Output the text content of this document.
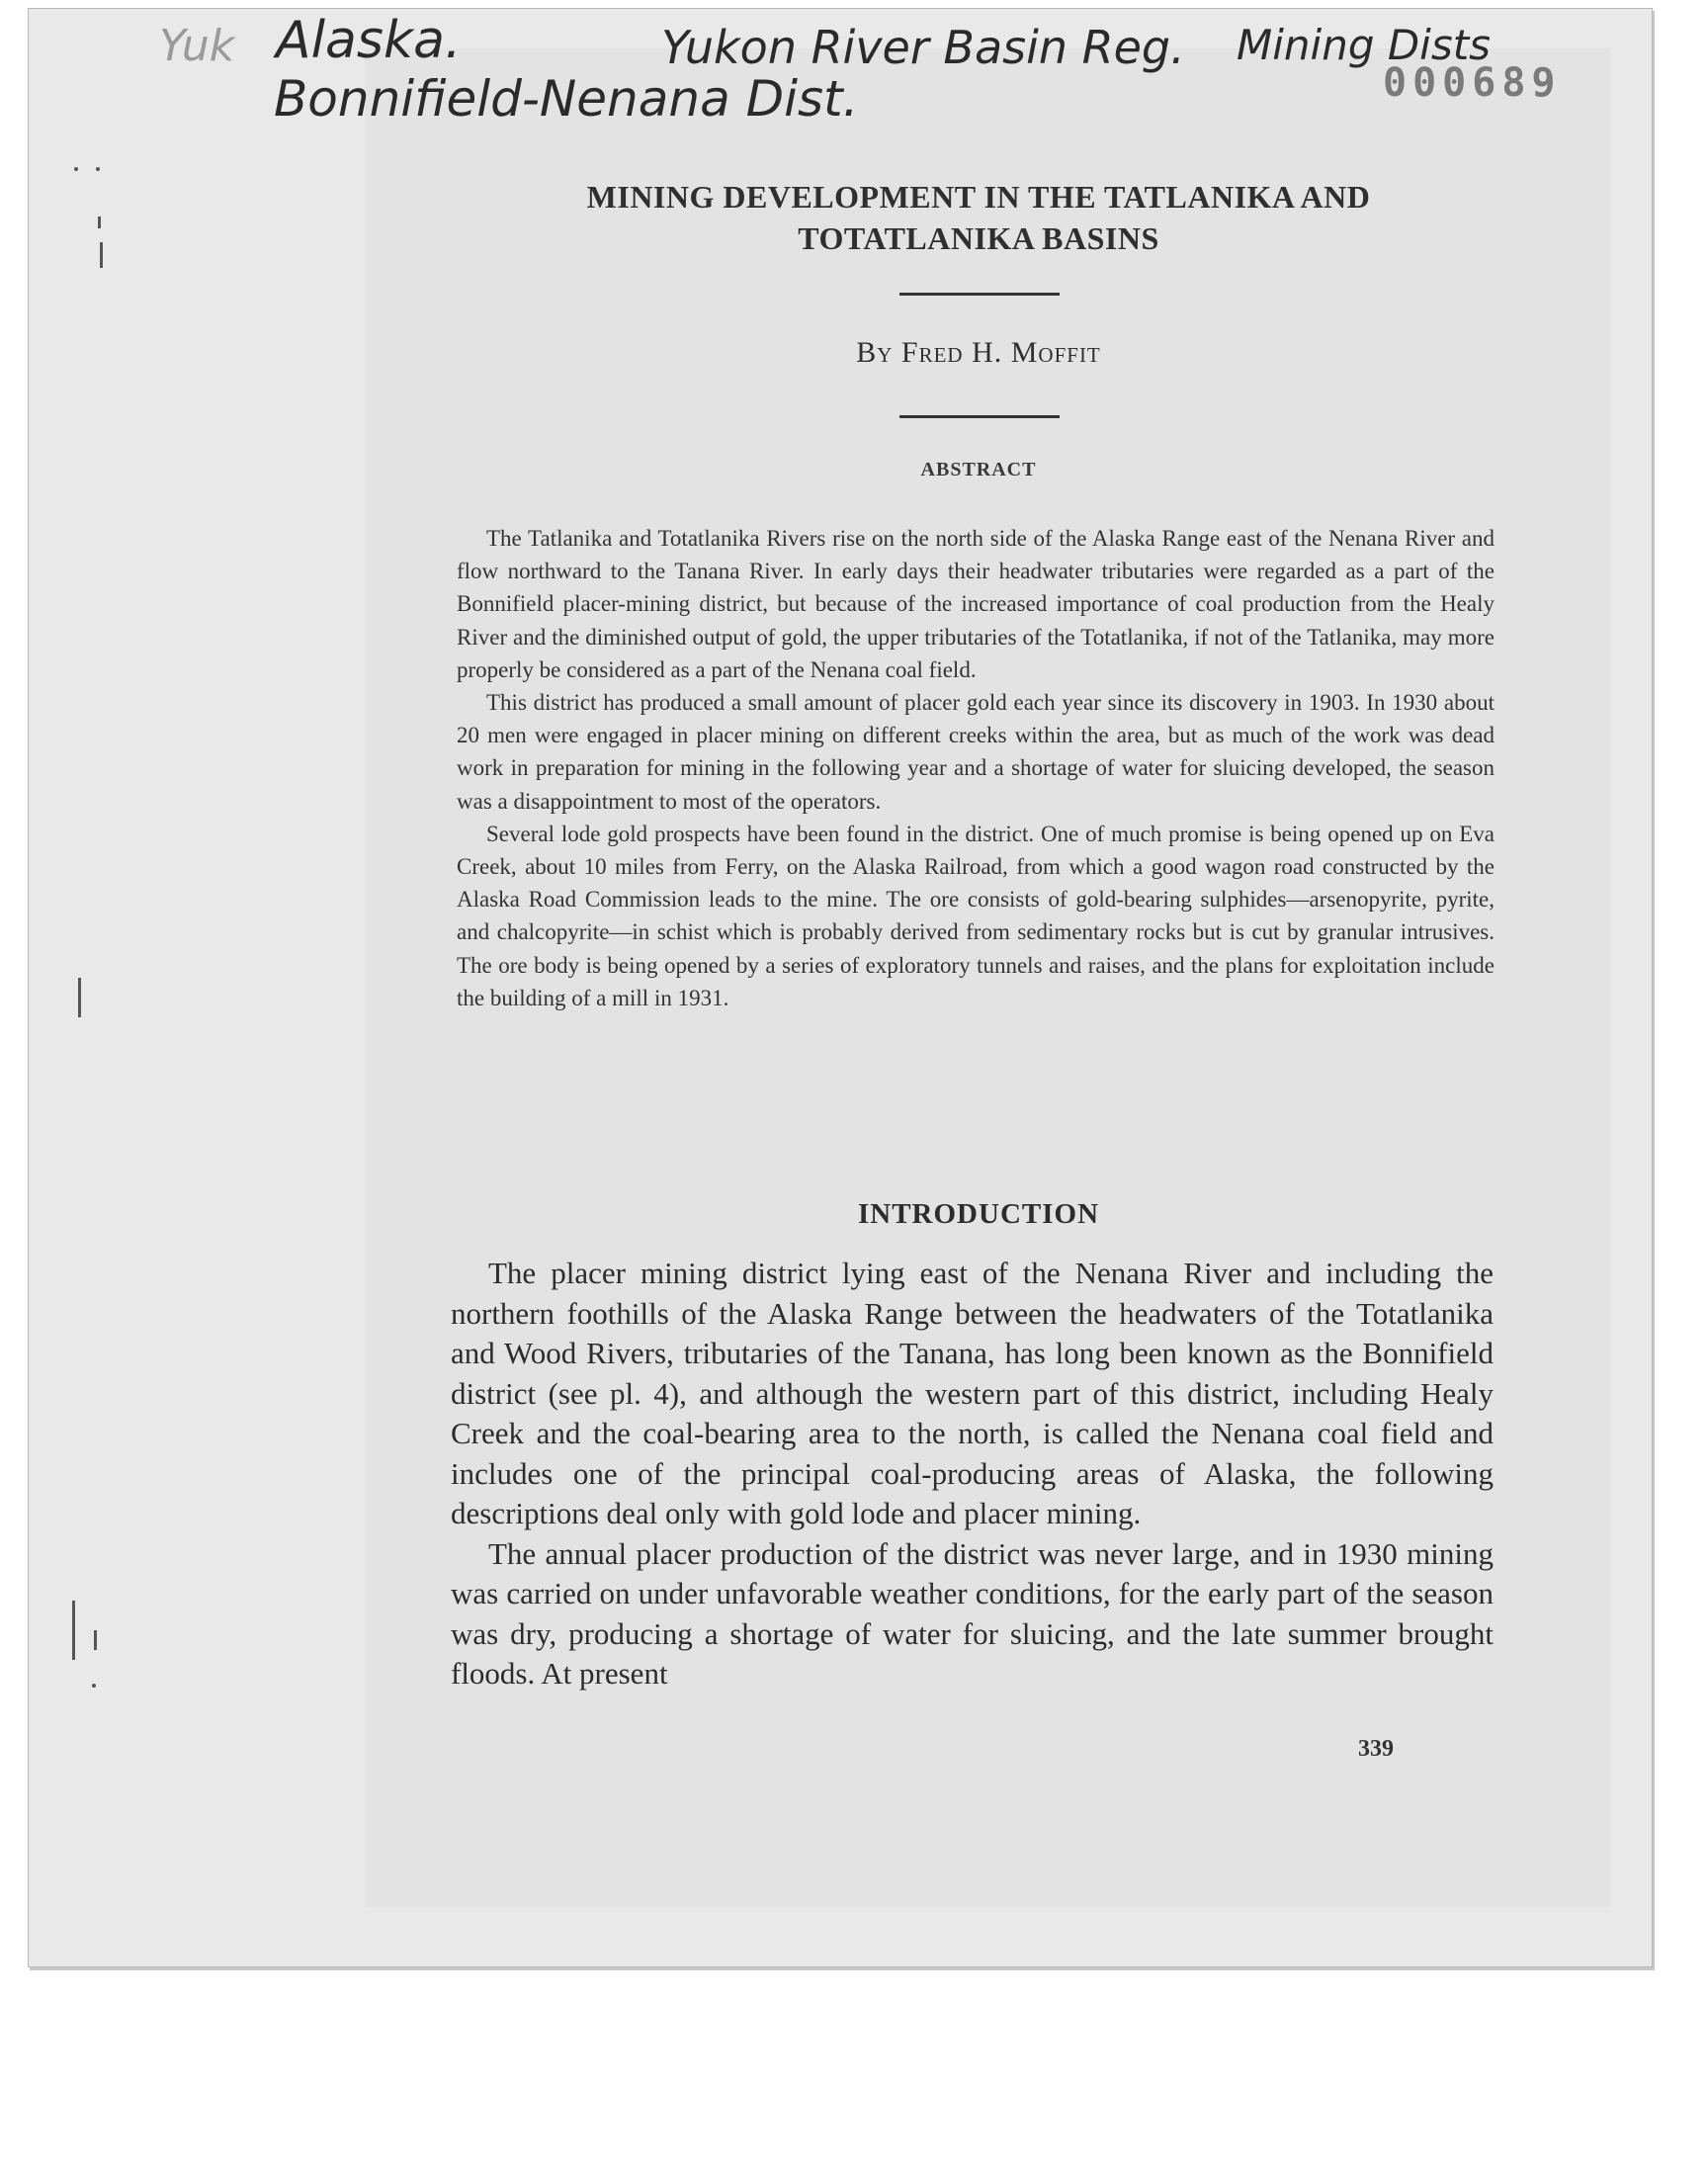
Yuk Alaska.	Yukon River Basin Reg. Mining Dists
Bonnifield-Nenana Dist.	000689
MINING DEVELOPMENT IN THE TATLANIKA AND TOTATLANIKA BASINS
By Fred H. Moffit
ABSTRACT

The Tatlanika and Totatlanika Rivers rise on the north side of the Alaska Range east of the Nenana River and flow northward to the Tanana River. In early days their headwater tributaries were regarded as a part of the Bonnifield placer-mining district, but because of the increased importance of coal production from the Healy River and the diminished output of gold, the upper tributaries of the Totatlanika, if not of the Tatlanika, may more properly be considered as a part of the Nenana coal field.

This district has produced a small amount of placer gold each year since its discovery in 1903. In 1930 about 20 men were engaged in placer mining on different creeks within the area, but as much of the work was dead work in preparation for mining in the following year and a shortage of water for sluicing developed, the season was a disappointment to most of the operators.

Several lode gold prospects have been found in the district. One of much promise is being opened up on Eva Creek, about 10 miles from Ferry, on the Alaska Railroad, from which a good wagon road constructed by the Alaska Road Commission leads to the mine. The ore consists of gold-bearing sulphides—arsenopyrite, pyrite, and chalcopyrite—in schist which is probably derived from sedimentary rocks but is cut by granular intrusives. The ore body is being opened by a series of exploratory tunnels and raises, and the plans for exploitation include the building of a mill in 1931.

INTRODUCTION

The placer mining district lying east of the Nenana River and including the northern foothills of the Alaska Range between the headwaters of the Totatlanika and Wood Rivers, tributaries of the Tanana, has long been known as the Bonnifield district (see pl. 4), and although the western part of this district, including Healy Creek and the coal-bearing area to the north, is called the Nenana coal field and includes one of the principal coal-producing areas of Alaska, the following descriptions deal only with gold lode and placer mining.

The annual placer production of the district was never large, and in 1930 mining was carried on under unfavorable weather conditions, for the early part of the season was dry, producing a shortage of water for sluicing, and the late summer brought floods. At present

339
